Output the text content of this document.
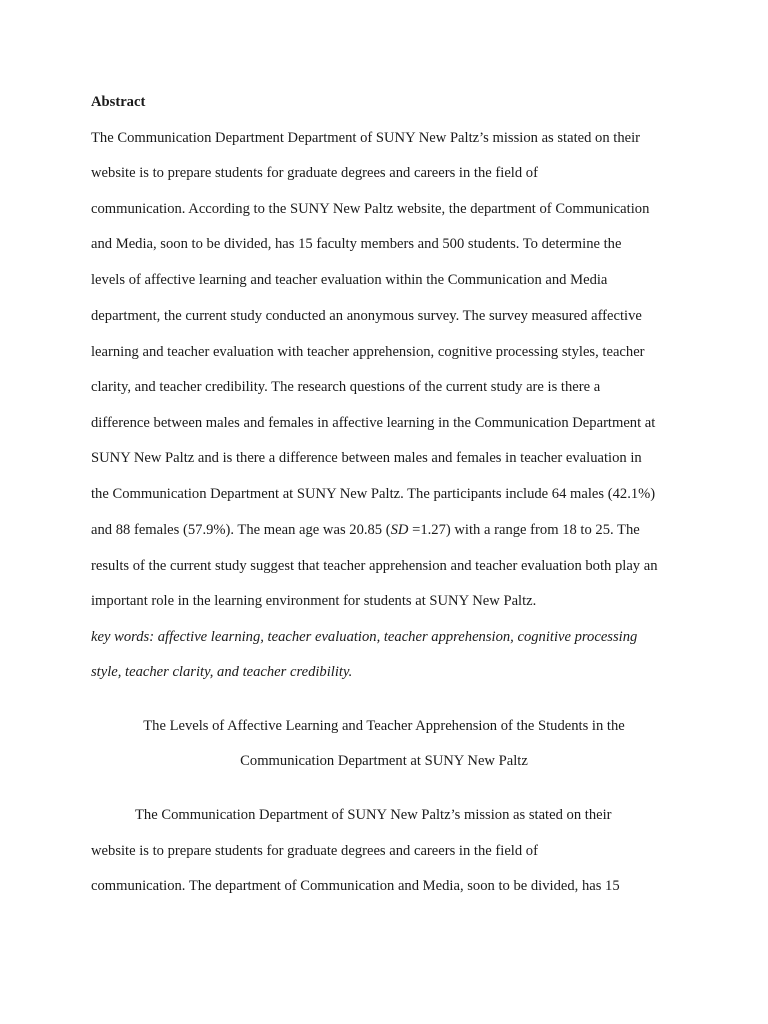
Abstract

The Communication Department Department of SUNY New Paltz’s mission as stated on their

website is to prepare students for graduate degrees and careers in the field of

communication. According to the SUNY New Paltz website, the department of Communication

and Media, soon to be divided, has 15 faculty members and 500 students. To determine the

levels of affective learning and teacher evaluation within the Communication and Media

department, the current study conducted an anonymous survey. The survey measured affective

learning and teacher evaluation with teacher apprehension, cognitive processing styles, teacher

clarity, and teacher credibility. The research questions of the current study are is there a

difference between males and females in affective learning in the Communication Department at

SUNY New Paltz and is there a difference between males and females in teacher evaluation in

the Communication Department at SUNY New Paltz. The participants include 64 males (42.1%)

and 88 females (57.9%). The mean age was 20.85 (SD =1.27) with a range from 18 to 25. The

results of the current study suggest that teacher apprehension and teacher evaluation both play an

important role in the learning environment for students at SUNY New Paltz.

key words: affective learning, teacher evaluation, teacher apprehension, cognitive processing

style, teacher clarity, and teacher credibility.

The Levels of Affective Learning and Teacher Apprehension of the Students in the

Communication Department at SUNY New Paltz

The Communication Department of SUNY New Paltz’s mission as stated on their

website is to prepare students for graduate degrees and careers in the field of

communication. The department of Communication and Media, soon to be divided, has 15
